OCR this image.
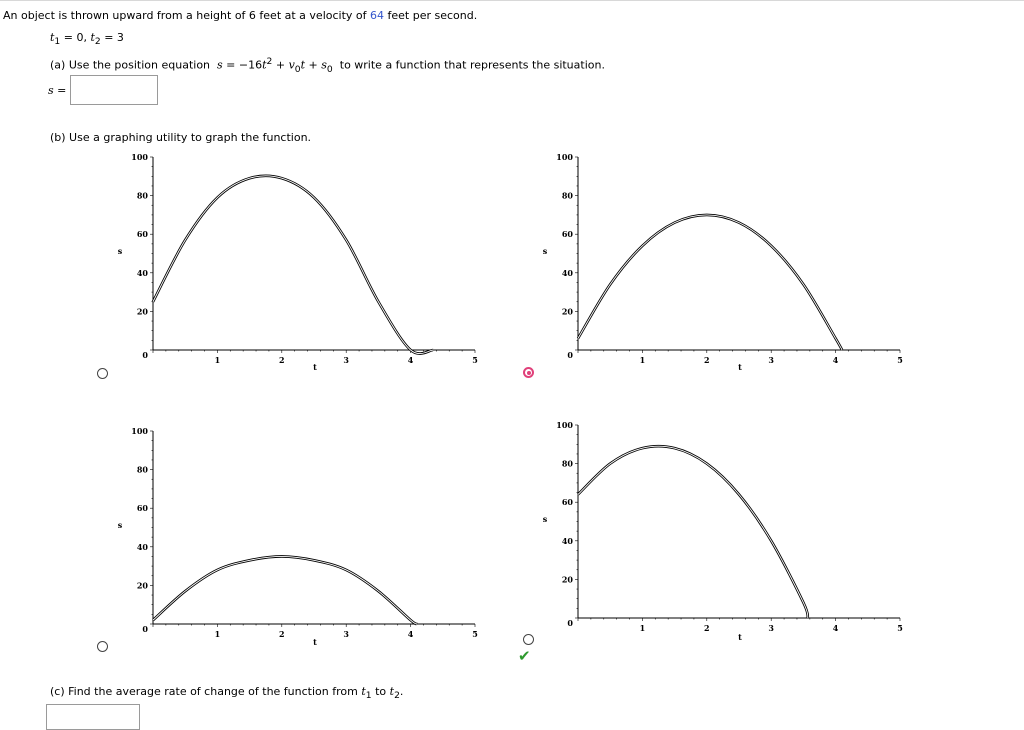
An object is thrown upward from a height of 6 feet at a velocity of 64 feet per second.
$t_1 = 0$, $t_2 = 3$
(a) Use the position equation $s = -16t^2 + v_0t + s_0$ to write a function that represents the situation.
s =
(b) Use a graphing utility to graph the function.
1	2	3	4	5
0
20
40
60
80
100
s
t
1	2	3	4	5
0
20
40
60
80
100
s
t
1	2	3	4	5
0
20
40
60
80
100
s
t
1	2	3	4	5
0
20
40
60
80
100
s
t
✔
(c) Find the average rate of change of the function from $t_1$ to $t_2$.
